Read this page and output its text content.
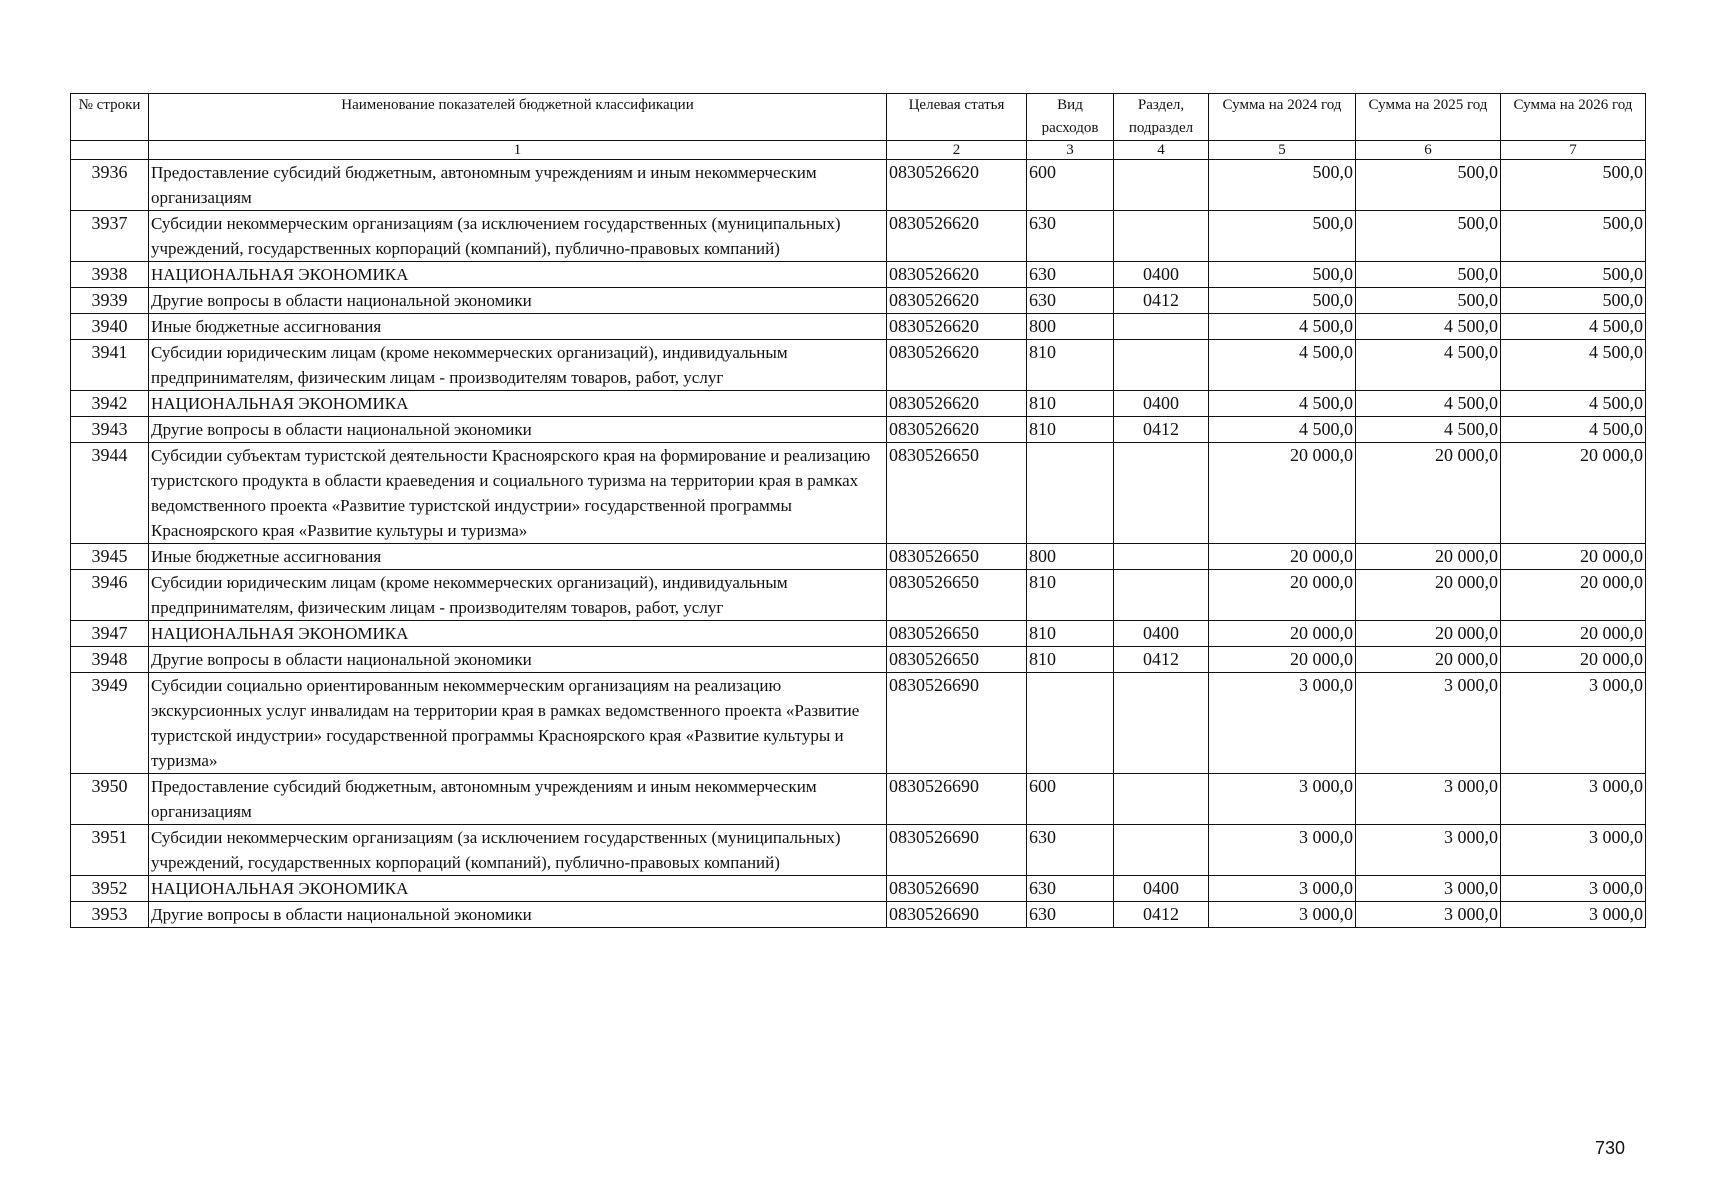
№ строки	Наименование показателей бюджетной классификации	Целевая статья	Вид расходов	Раздел, подраздел	Сумма на 2024 год	Сумма на 2025 год	Сумма на 2026 год
	1	2	3	4	5	6	7
3936	Предоставление субсидий бюджетным, автономным учреждениям и иным некоммерческим организациям	0830526620	600		500,0	500,0	500,0
3937	Субсидии некоммерческим организациям (за исключением государственных (муниципальных) учреждений, государственных корпораций (компаний), публично-правовых компаний)	0830526620	630		500,0	500,0	500,0
3938	НАЦИОНАЛЬНАЯ ЭКОНОМИКА	0830526620	630	0400	500,0	500,0	500,0
3939	Другие вопросы в области национальной экономики	0830526620	630	0412	500,0	500,0	500,0
3940	Иные бюджетные ассигнования	0830526620	800		4 500,0	4 500,0	4 500,0
3941	Субсидии юридическим лицам (кроме некоммерческих организаций), индивидуальным предпринимателям, физическим лицам - производителям товаров, работ, услуг	0830526620	810		4 500,0	4 500,0	4 500,0
3942	НАЦИОНАЛЬНАЯ ЭКОНОМИКА	0830526620	810	0400	4 500,0	4 500,0	4 500,0
3943	Другие вопросы в области национальной экономики	0830526620	810	0412	4 500,0	4 500,0	4 500,0
3944	Субсидии субъектам туристской деятельности Красноярского края на формирование и реализацию туристского продукта в области краеведения и социального туризма на территории края в рамках ведомственного проекта «Развитие туристской индустрии» государственной программы Красноярского края «Развитие культуры и туризма»	0830526650			20 000,0	20 000,0	20 000,0
3945	Иные бюджетные ассигнования	0830526650	800		20 000,0	20 000,0	20 000,0
3946	Субсидии юридическим лицам (кроме некоммерческих организаций), индивидуальным предпринимателям, физическим лицам - производителям товаров, работ, услуг	0830526650	810		20 000,0	20 000,0	20 000,0
3947	НАЦИОНАЛЬНАЯ ЭКОНОМИКА	0830526650	810	0400	20 000,0	20 000,0	20 000,0
3948	Другие вопросы в области национальной экономики	0830526650	810	0412	20 000,0	20 000,0	20 000,0
3949	Субсидии социально ориентированным некоммерческим организациям на реализацию экскурсионных услуг инвалидам на территории края в рамках ведомственного проекта «Развитие туристской индустрии» государственной программы Красноярского края «Развитие культуры и туризма»	0830526690			3 000,0	3 000,0	3 000,0
3950	Предоставление субсидий бюджетным, автономным учреждениям и иным некоммерческим организациям	0830526690	600		3 000,0	3 000,0	3 000,0
3951	Субсидии некоммерческим организациям (за исключением государственных (муниципальных) учреждений, государственных корпораций (компаний), публично-правовых компаний)	0830526690	630		3 000,0	3 000,0	3 000,0
3952	НАЦИОНАЛЬНАЯ ЭКОНОМИКА	0830526690	630	0400	3 000,0	3 000,0	3 000,0
3953	Другие вопросы в области национальной экономики	0830526690	630	0412	3 000,0	3 000,0	3 000,0
730
